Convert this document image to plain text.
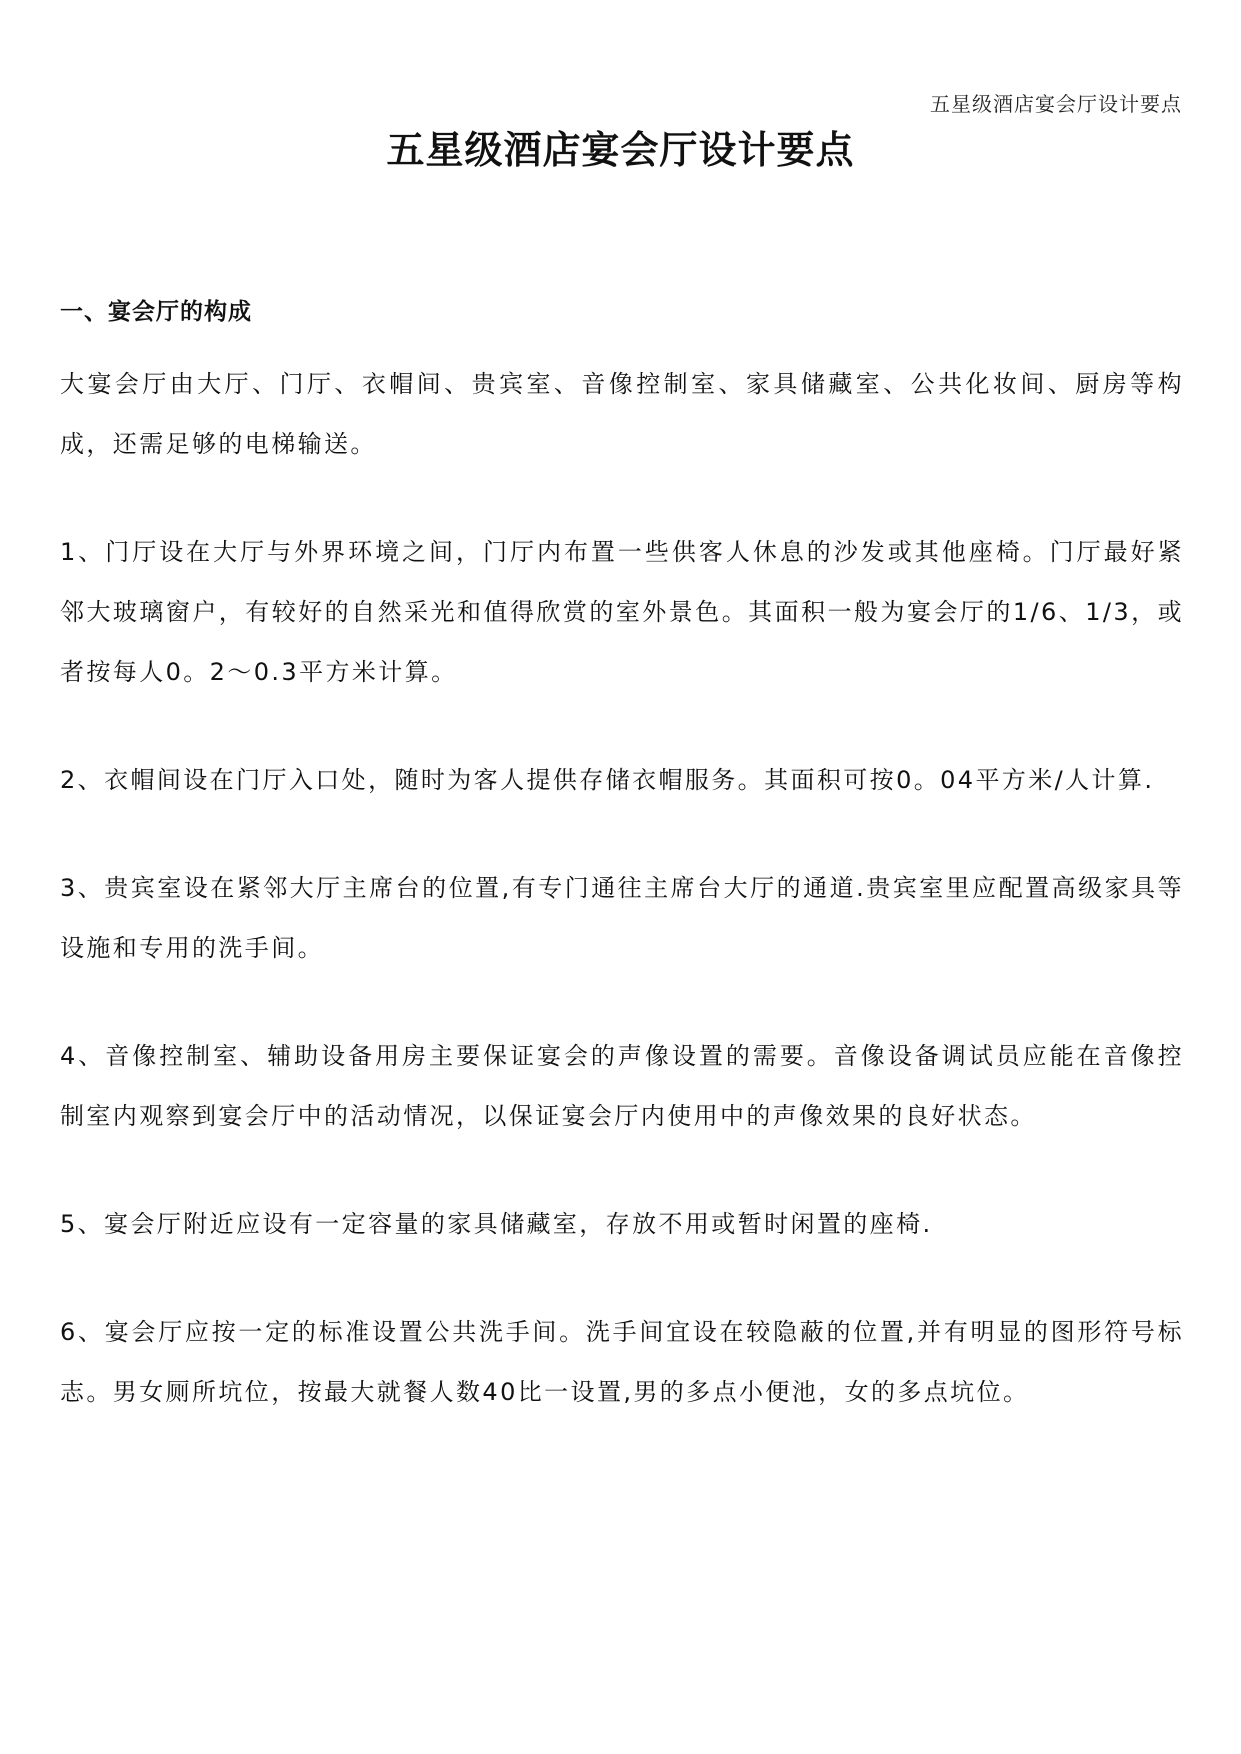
五星级酒店宴会厅设计要点
五星级酒店宴会厅设计要点
一、宴会厅的构成

大宴会厅由大厅、门厅、衣帽间、贵宾室、音像控制室、家具储藏室、公共化妆间、厨房等构成，还需足够的电梯输送。

1、门厅设在大厅与外界环境之间，门厅内布置一些供客人休息的沙发或其他座椅。门厅最好紧邻大玻璃窗户，有较好的自然采光和值得欣赏的室外景色。其面积一般为宴会厅的1/6、1/3，或者按每人0。2～0.3平方米计算。

2、衣帽间设在门厅入口处，随时为客人提供存储衣帽服务。其面积可按0。04平方米/人计算.

3、贵宾室设在紧邻大厅主席台的位置,有专门通往主席台大厅的通道.贵宾室里应配置高级家具等设施和专用的洗手间。

4、音像控制室、辅助设备用房主要保证宴会的声像设置的需要。音像设备调试员应能在音像控制室内观察到宴会厅中的活动情况，以保证宴会厅内使用中的声像效果的良好状态。

5、宴会厅附近应设有一定容量的家具储藏室，存放不用或暂时闲置的座椅.

6、宴会厅应按一定的标准设置公共洗手间。洗手间宜设在较隐蔽的位置,并有明显的图形符号标志。男女厕所坑位，按最大就餐人数40比一设置,男的多点小便池，女的多点坑位。
